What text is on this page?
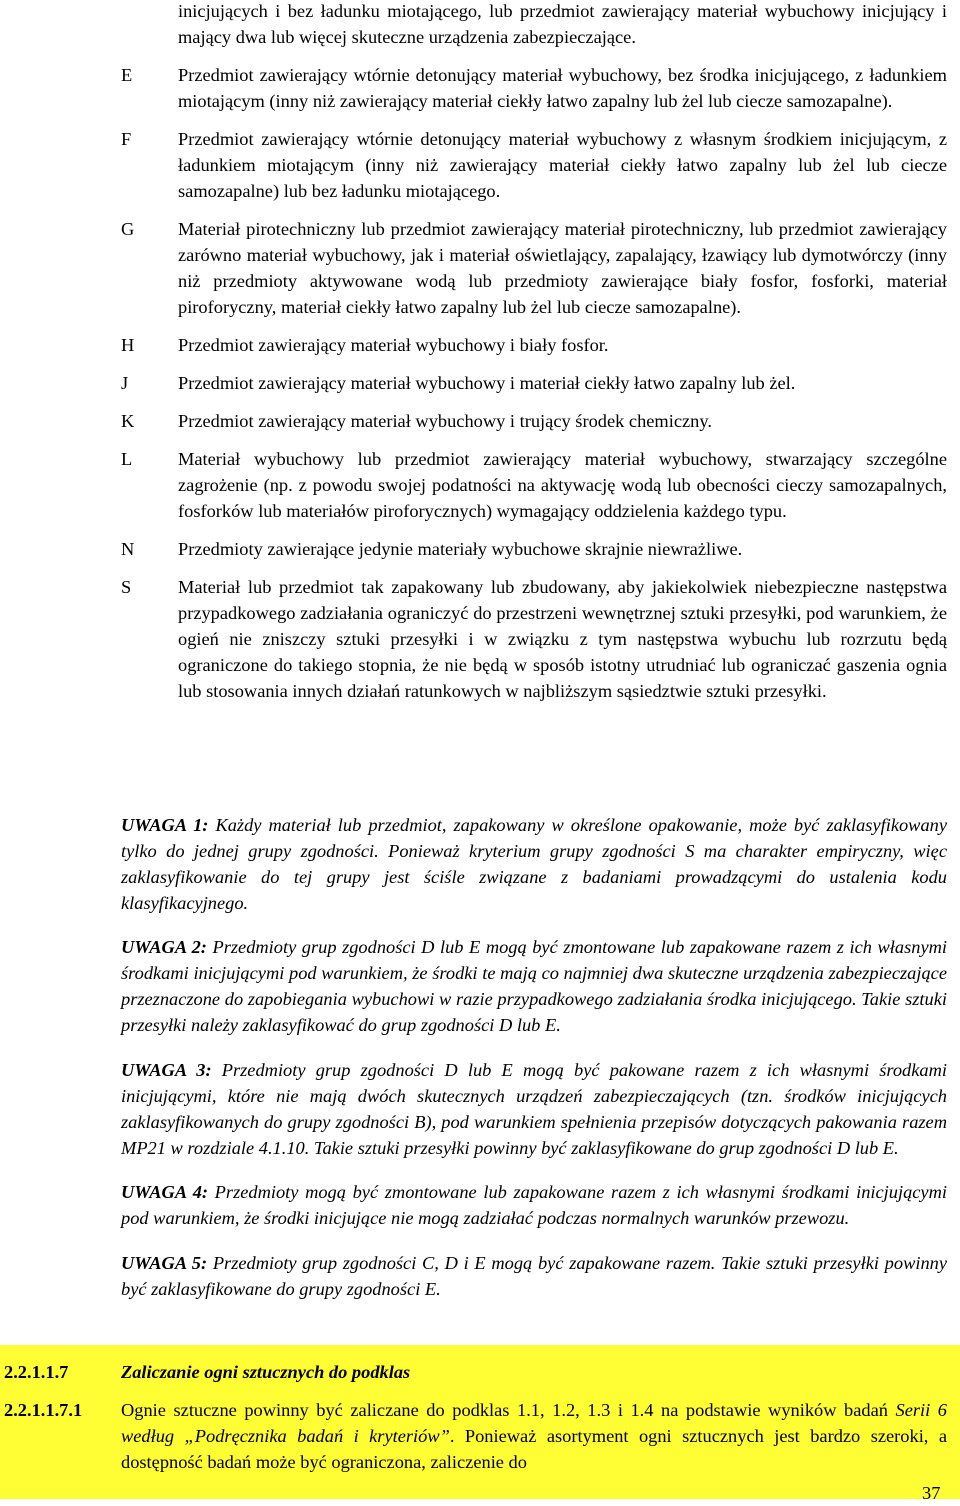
inicjujących i bez ładunku miotającego, lub przedmiot zawierający materiał wybuchowy inicjujący i mający dwa lub więcej skuteczne urządzenia zabezpieczające.
E	Przedmiot zawierający wtórnie detonujący materiał wybuchowy, bez środka inicjującego, z ładunkiem miotającym (inny niż zawierający materiał ciekły łatwo zapalny lub żel lub ciecze samozapalne).
F	Przedmiot zawierający wtórnie detonujący materiał wybuchowy z własnym środkiem inicjującym, z ładunkiem miotającym (inny niż zawierający materiał ciekły łatwo zapalny lub żel lub ciecze samozapalne) lub bez ładunku miotającego.
G	Materiał pirotechniczny lub przedmiot zawierający materiał pirotechniczny, lub przedmiot zawierający zarówno materiał wybuchowy, jak i materiał oświetlający, zapalający, łzawiący lub dymotwórczy (inny niż przedmioty aktywowane wodą lub przedmioty zawierające biały fosfor, fosforki, materiał piroforyczny, materiał ciekły łatwo zapalny lub żel lub ciecze samozapalne).
H	Przedmiot zawierający materiał wybuchowy i biały fosfor.
J	Przedmiot zawierający materiał wybuchowy i materiał ciekły łatwo zapalny lub żel.
K	Przedmiot zawierający materiał wybuchowy i trujący środek chemiczny.
L	Materiał wybuchowy lub przedmiot zawierający materiał wybuchowy, stwarzający szczególne zagrożenie (np. z powodu swojej podatności na aktywację wodą lub obecności cieczy samozapalnych, fosforków lub materiałów piroforycznych) wymagający oddzielenia każdego typu.
N	Przedmioty zawierające jedynie materiały wybuchowe skrajnie niewrażliwe.
S	Materiał lub przedmiot tak zapakowany lub zbudowany, aby jakiekolwiek niebezpieczne następstwa przypadkowego zadziałania ograniczyć do przestrzeni wewnętrznej sztuki przesyłki, pod warunkiem, że ogień nie zniszczy sztuki przesyłki i w związku z tym następstwa wybuchu lub rozrzutu będą ograniczone do takiego stopnia, że nie będą w sposób istotny utrudniać lub ograniczać gaszenia ognia lub stosowania innych działań ratunkowych w najbliższym sąsiedztwie sztuki przesyłki.

UWAGA 1: Każdy materiał lub przedmiot, zapakowany w określone opakowanie, może być zaklasyfikowany tylko do jednej grupy zgodności. Ponieważ kryterium grupy zgodności S ma charakter empiryczny, więc zaklasyfikowanie do tej grupy jest ściśle związane z badaniami prowadzącymi do ustalenia kodu klasyfikacyjnego.

UWAGA 2: Przedmioty grup zgodności D lub E mogą być zmontowane lub zapakowane razem z ich własnymi środkami inicjującymi pod warunkiem, że środki te mają co najmniej dwa skuteczne urządzenia zabezpieczające przeznaczone do zapobiegania wybuchowi w razie przypadkowego zadziałania środka inicjującego. Takie sztuki przesyłki należy zaklasyfikować do grup zgodności D lub E.

UWAGA 3: Przedmioty grup zgodności D lub E mogą być pakowane razem z ich własnymi środkami inicjującymi, które nie mają dwóch skutecznych urządzeń zabezpieczających (tzn. środków inicjujących zaklasyfikowanych do grupy zgodności B), pod warunkiem spełnienia przepisów dotyczących pakowania razem MP21 w rozdziale 4.1.10. Takie sztuki przesyłki powinny być zaklasyfikowane do grup zgodności D lub E.

UWAGA 4: Przedmioty mogą być zmontowane lub zapakowane razem z ich własnymi środkami inicjującymi pod warunkiem, że środki inicjujące nie mogą zadziałać podczas normalnych warunków przewozu.

UWAGA 5: Przedmioty grup zgodności C, D i E mogą być zapakowane razem. Takie sztuki przesyłki powinny być zaklasyfikowane do grupy zgodności E.

2.2.1.1.7	Zaliczanie ogni sztucznych do podklas
2.2.1.1.7.1 Ognie sztuczne powinny być zaliczane do podklas 1.1, 1.2, 1.3 i 1.4 na podstawie wyników badań Serii 6 według „Podręcznika badań i kryteriów”. Ponieważ asortyment ogni sztucznych jest bardzo szeroki, a dostępność badań może być ograniczona, zaliczenie do
37
